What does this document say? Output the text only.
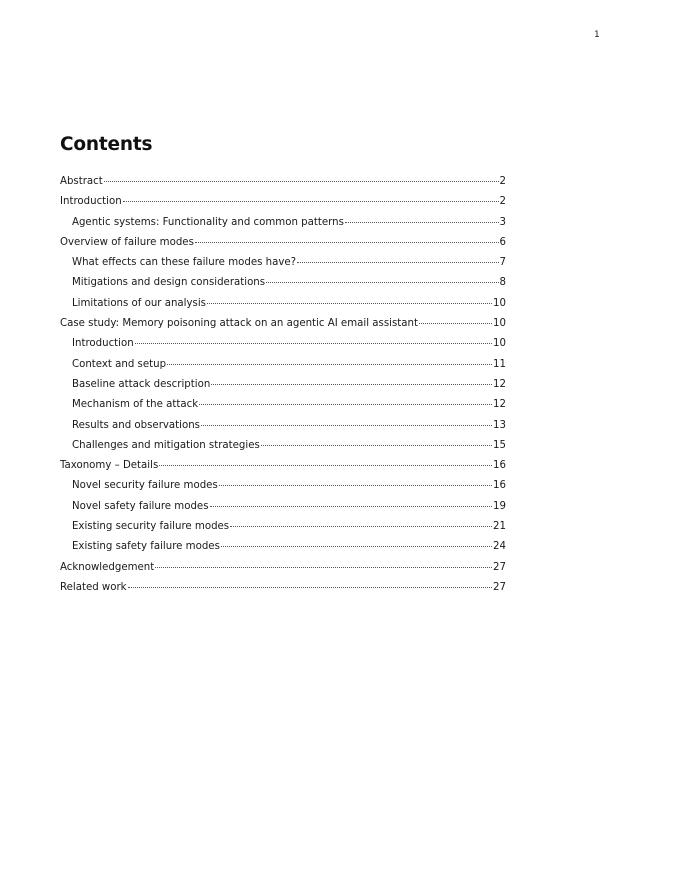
1
Contents
Abstract	2
Introduction	2
Agentic systems: Functionality and common patterns	3
Overview of failure modes	6
What effects can these failure modes have?	7
Mitigations and design considerations	8
Limitations of our analysis	10
Case study: Memory poisoning attack on an agentic AI email assistant	10
Introduction	10
Context and setup	11
Baseline attack description	12
Mechanism of the attack	12
Results and observations	13
Challenges and mitigation strategies	15
Taxonomy – Details	16
Novel security failure modes	16
Novel safety failure modes	19
Existing security failure modes	21
Existing safety failure modes	24
Acknowledgement	27
Related work	27
